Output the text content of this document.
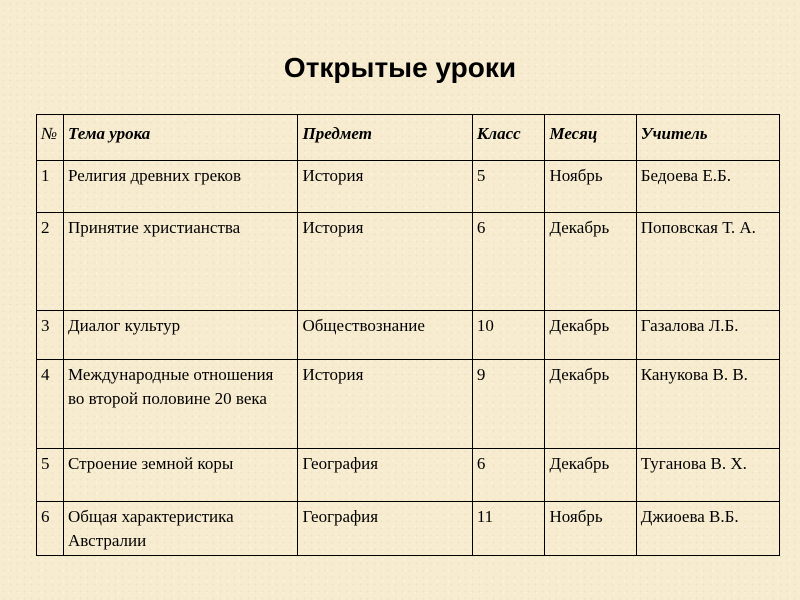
Открытые уроки
№	Тема урока	Предмет	Класс	Месяц	Учитель
1	Религия древних греков	История	5	Ноябрь	Бедоева Е.Б.
2	Принятие христианства	История	6	Декабрь	Поповская Т. А.
3	Диалог культур	Обществознание	10	Декабрь	Газалова Л.Б.
4	Международные отношения во второй половине 20 века	История	9	Декабрь	Канукова В. В.
5	Строение земной коры	География	6	Декабрь	Туганова В. Х.
6	Общая характеристика Австралии	География	11	Ноябрь	Джиоева В.Б.
